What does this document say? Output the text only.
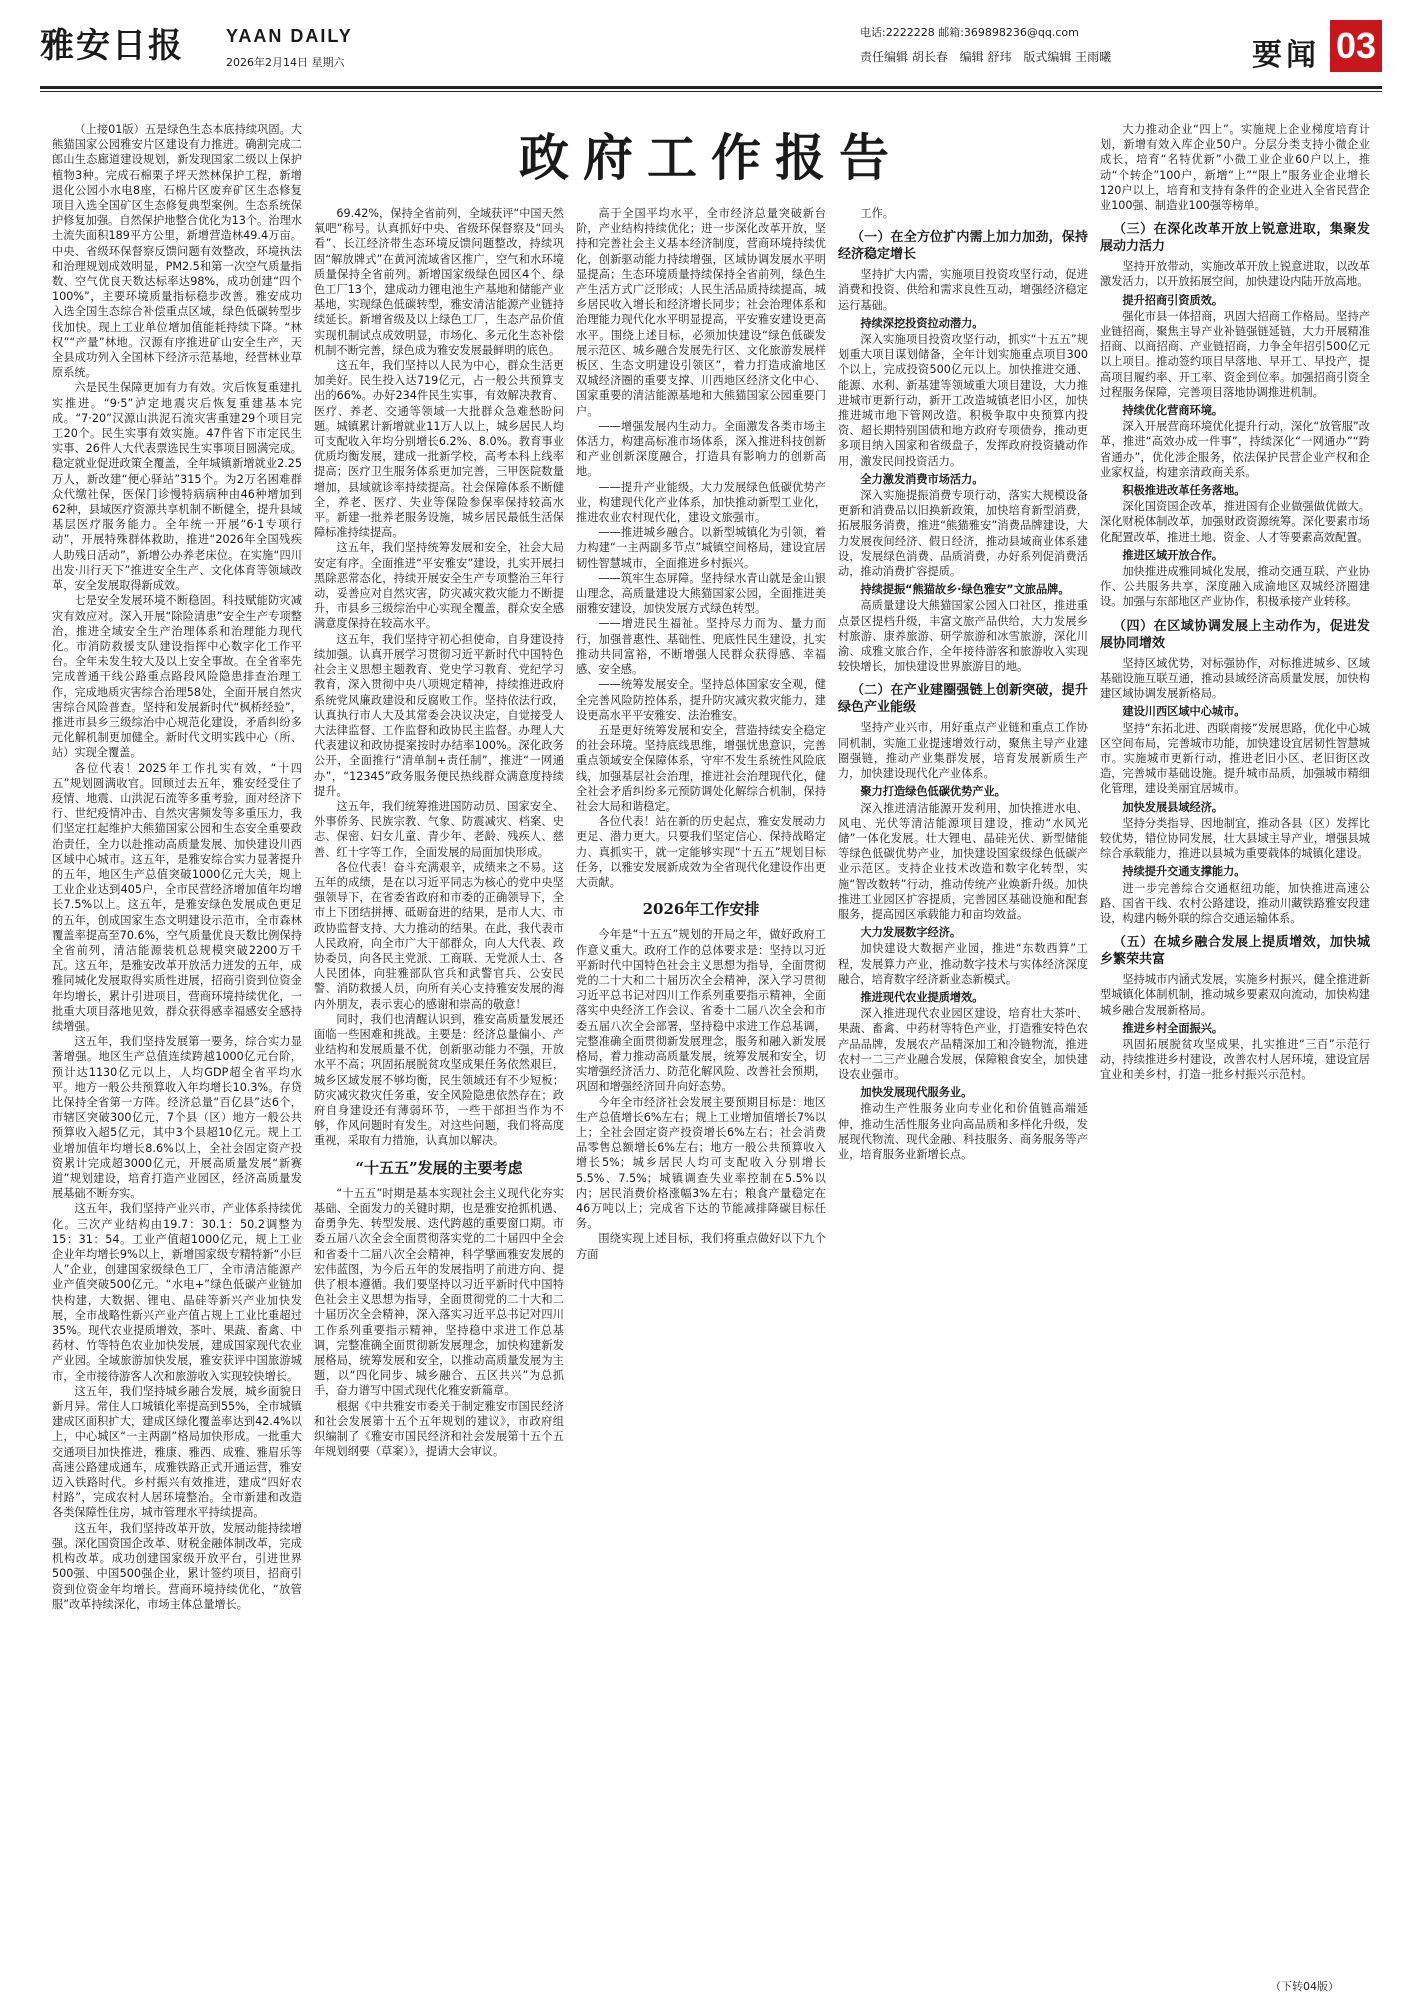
雅安日报 YAAN DAILY
2026年2月14日 星期六
电话:2222228 邮箱:369898236@qq.com
责任编辑 胡长春 编辑 舒玮 版式编辑 王雨曦	要闻 03
政府工作报告

（上接01版）五是绿色生态本底持续巩固。大熊猫国家公园雅安片区建设有力推进。确割完成二郎山生态廊道建设规划，新发现国家二级以上保护植物3种。完成石棉栗子坪天然林保护工程，新增退化公园小水电8座，石棉片区废弃矿区生态修复项目入选全国矿区生态修复典型案例。生态系统保护修复加强。自然保护地整合优化为13个。治理水土流失面积189平方公里，新增营造林49.4万亩。中央、省级环保督察反馈问题有效整改，环境执法和治理规划成效明显，PM2.5和第一次空气质量指数、空气优良天数达标率达98%，成功创建“四个100%”，主要环境质量指标稳步改善。雅安成功入选全国生态综合补偿重点区域，绿色低碳转型步伐加快。现上工业单位增加值能耗持续下降。“林权”“产量”林地。汉源有序推进矿山安全生产，天全县成功列入全国林下经济示范基地，经营林业草原系统。

六是民生保障更加有力有效。灾后恢复重建扎实推进。“9·5”泸定地震灾后恢复重建基本完成。“7·20”汉源山洪泥石流灾害重建29个项目完工20个。民生实事有效实施。47件省下市定民生实事、26件人大代表票选民生实事项目圆满完成。稳定就业促进政策全覆盖，全年城镇新增就业2.25万人，新改建“便心驿站”315个。为2万名困难群众代缴社保，医保门诊慢特病病种由46种增加到62种，县域医疗资源共享机制不断健全，提升县域基层医疗服务能力。全年统一开展“6·1专项行动”，开展特殊群体救助，推进“2026年全国残疾人助残日活动”，新增公办养老床位。在实施“四川出发·川行天下”推进安全生产、文化体育等领域改革，安全发展取得新成效。

七是安全发展环境不断稳固。科技赋能防灾减灾有效应对。深入开展“除险清患”安全生产专项整治，推进全域安全生产治理体系和治理能力现代化。市消防救援支队建设指挥中心数字化工作平台。全年未发生较大及以上安全事故。在全省率先完成普通干线公路重点路段风险隐患排查治理工作，完成地质灾害综合治理58处，全面开展自然灾害综合风险普查。坚持和发展新时代“枫桥经验”，推进市县乡三级综治中心规范化建设，矛盾纠纷多元化解机制更加健全。新时代文明实践中心（所、站）实现全覆盖。

各位代表！2025年工作扎实有效，“十四五”规划圆满收官。回顾过去五年，雅安经受住了疫情、地震、山洪泥石流等多重考验，面对经济下行、世纪疫情冲击、自然灾害频发等多重压力，我们坚定扛起维护大熊猫国家公园和生态安全重要政治责任，全力以赴推动高质量发展、加快建设川西区域中心城市。这五年，是雅安综合实力显著提升的五年，地区生产总值突破1000亿元大关，规上工业企业达到405户，全市民营经济增加值年均增长7.5%以上。这五年，是雅安绿色发展成色更足的五年，创成国家生态文明建设示范市，全市森林覆盖率提高至70.6%，空气质量优良天数比例保持全省前列，清洁能源装机总规模突破2200万千瓦。这五年，是雅安改革开放活力迸发的五年，成雅同城化发展取得实质性进展，招商引资到位资金年均增长，累计引进项目，营商环境持续优化，一批重大项目落地见效，群众获得感幸福感安全感持续增强。

这五年，我们坚持发展第一要务，综合实力显著增强。地区生产总值连续跨越1000亿元台阶，预计达1130亿元以上，人均GDP超全省平均水平。地方一般公共预算收入年均增长10.3%。存贷比保持全省第一方阵。经济总量“百亿县”达6个，市辖区突破300亿元，7个县（区）地方一般公共预算收入超5亿元，其中3个县超10亿元。规上工业增加值年均增长8.6%以上，全社会固定资产投资累计完成超3000亿元，开展高质量发展“新赛道”规划建设，培育打造产业园区，经济高质量发展基础不断夯实。

这五年，我们坚持产业兴市，产业体系持续优化。三次产业结构由19.7：30.1：50.2调整为15：31：54。工业产值超1000亿元，规上工业企业年均增长9%以上，新增国家级专精特新“小巨人”企业，创建国家级绿色工厂，全市清洁能源产业产值突破500亿元。“水电+”绿色低碳产业链加快构建，大数据、锂电、晶硅等新兴产业加快发展，全市战略性新兴产业产值占规上工业比重超过35%。现代农业提质增效，茶叶、果蔬、畜禽、中药材、竹等特色农业加快发展，建成国家现代农业产业园。全域旅游加快发展，雅安获评中国旅游城市，全市接待游客人次和旅游收入实现较快增长。

这五年，我们坚持城乡融合发展，城乡面貌日新月异。常住人口城镇化率提高到55%，全市城镇建成区面积扩大，建成区绿化覆盖率达到42.4%以上，中心城区“一主两副”格局加快形成。一批重大交通项目加快推进，雅康、雅西、成雅、雅眉乐等高速公路建成通车，成雅铁路正式开通运营，雅安迈入铁路时代。乡村振兴有效推进，建成“四好农村路”，完成农村人居环境整治。全市新建和改造各类保障性住房，城市管理水平持续提高。

这五年，我们坚持改革开放，发展动能持续增强。深化国资国企改革、财税金融体制改革，完成机构改革。成功创建国家级开放平台，引进世界500强、中国500强企业，累计签约项目，招商引资到位资金年均增长。营商环境持续优化，“放管服”改革持续深化，市场主体总量增长。

69.42%，保持全省前列，全域获评“中国天然氧吧”称号。认真抓好中央、省级环保督察及“回头看”、长江经济带生态环境反馈问题整改，持续巩固“解放牌式”在黄河流域省区推广，空气和水环境质量保持全省前列。新增国家级绿色园区4个、绿色工厂13个，建成动力锂电池生产基地和储能产业基地，实现绿色低碳转型，雅安清洁能源产业链持续延长。新增省级及以上绿色工厂，生态产品价值实现机制试点成效明显，市场化、多元化生态补偿机制不断完善，绿色成为雅安发展最鲜明的底色。

这五年，我们坚持以人民为中心，群众生活更加美好。民生投入达719亿元，占一般公共预算支出的66%。办好234件民生实事，有效解决教育、医疗、养老、交通等领域一大批群众急难愁盼问题。城镇累计新增就业11万人以上，城乡居民人均可支配收入年均分别增长6.2%、8.0%。教育事业优质均衡发展，建成一批新学校，高考本科上线率提高；医疗卫生服务体系更加完善，三甲医院数量增加，县域就诊率持续提高。社会保障体系不断健全，养老、医疗、失业等保险参保率保持较高水平。新建一批养老服务设施，城乡居民最低生活保障标准持续提高。

这五年，我们坚持统筹发展和安全，社会大局安定有序。全面推进“平安雅安”建设，扎实开展扫黑除恶常态化，持续开展安全生产专项整治三年行动，妥善应对自然灾害，防灾减灾救灾能力不断提升，市县乡三级综治中心实现全覆盖，群众安全感满意度保持在较高水平。

这五年，我们坚持守初心担使命，自身建设持续加强。认真开展学习贯彻习近平新时代中国特色社会主义思想主题教育、党史学习教育、党纪学习教育，深入贯彻中央八项规定精神，持续推进政府系统党风廉政建设和反腐败工作。坚持依法行政，认真执行市人大及其常委会决议决定，自觉接受人大法律监督、工作监督和政协民主监督。办理人大代表建议和政协提案按时办结率100%。深化政务公开，全面推行“清单制+责任制”，推进“一网通办”，“12345”政务服务便民热线群众满意度持续提升。

这五年，我们统筹推进国防动员、国家安全、外事侨务、民族宗教、气象、防震减灾、档案、史志、保密、妇女儿童、青少年、老龄、残疾人、慈善、红十字等工作，全面发展的局面加快形成。

各位代表！奋斗充满艰辛，成绩来之不易。这五年的成绩，是在以习近平同志为核心的党中央坚强领导下，在省委省政府和市委的正确领导下，全市上下团结拼搏、砥砺奋进的结果，是市人大、市政协监督支持、大力推动的结果。在此，我代表市人民政府，向全市广大干部群众，向人大代表、政协委员，向各民主党派、工商联、无党派人士、各人民团体，向驻雅部队官兵和武警官兵、公安民警、消防救援人员，向所有关心支持雅安发展的海内外朋友，表示衷心的感谢和崇高的敬意！

同时，我们也清醒认识到，雅安高质量发展还面临一些困难和挑战。主要是：经济总量偏小、产业结构和发展质量不优，创新驱动能力不强，开放水平不高；巩固拓展脱贫攻坚成果任务依然艰巨，城乡区域发展不够均衡，民生领域还有不少短板；防灾减灾救灾任务重，安全风险隐患依然存在；政府自身建设还有薄弱环节，一些干部担当作为不够，作风问题时有发生。对这些问题，我们将高度重视，采取有力措施，认真加以解决。

“十五五”发展的主要考虑

“十五五”时期是基本实现社会主义现代化夯实基础、全面发力的关键时期，也是雅安抢抓机遇、奋勇争先、转型发展、迭代跨越的重要窗口期。市委五届八次全会全面贯彻落实党的二十届四中全会和省委十二届八次全会精神，科学擘画雅安发展的宏伟蓝图，为今后五年的发展指明了前进方向、提供了根本遵循。我们要坚持以习近平新时代中国特色社会主义思想为指导，全面贯彻党的二十大和二十届历次全会精神，深入落实习近平总书记对四川工作系列重要指示精神，坚持稳中求进工作总基调，完整准确全面贯彻新发展理念，加快构建新发展格局，统筹发展和安全，以推动高质量发展为主题，以“四化同步、城乡融合、五区共兴”为总抓手，奋力谱写中国式现代化雅安新篇章。

根据《中共雅安市委关于制定雅安市国民经济和社会发展第十五个五年规划的建议》，市政府组织编制了《雅安市国民经济和社会发展第十五个五年规划纲要（草案）》，提请大会审议。

高于全国平均水平，全市经济总量突破新台阶，产业结构持续优化；进一步深化改革开放，坚持和完善社会主义基本经济制度，营商环境持续优化，创新驱动能力持续增强，区域协调发展水平明显提高；生态环境质量持续保持全省前列，绿色生产生活方式广泛形成；人民生活品质持续提高，城乡居民收入增长和经济增长同步；社会治理体系和治理能力现代化水平明显提高，平安雅安建设更高水平。围绕上述目标，必须加快建设“绿色低碳发展示范区、城乡融合发展先行区、文化旅游发展样板区、生态文明建设引领区”，着力打造成渝地区双城经济圈的重要支撑、川西地区经济文化中心、国家重要的清洁能源基地和大熊猫国家公园重要门户。

——增强发展内生动力。全面激发各类市场主体活力，构建高标准市场体系，深入推进科技创新和产业创新深度融合，打造具有影响力的创新高地。

——提升产业能级。大力发展绿色低碳优势产业，构建现代化产业体系，加快推动新型工业化，推进农业农村现代化，建设文旅强市。

——推进城乡融合。以新型城镇化为引领，着力构建“一主两副多节点”城镇空间格局，建设宜居韧性智慧城市，全面推进乡村振兴。

——筑牢生态屏障。坚持绿水青山就是金山银山理念，高质量建设大熊猫国家公园，全面推进美丽雅安建设，加快发展方式绿色转型。

——增进民生福祉。坚持尽力而为、量力而行，加强普惠性、基础性、兜底性民生建设，扎实推动共同富裕，不断增强人民群众获得感、幸福感、安全感。

——统筹发展安全。坚持总体国家安全观，健全完善风险防控体系，提升防灾减灾救灾能力，建设更高水平平安雅安、法治雅安。

五是更好统筹发展和安全，营造持续安全稳定的社会环境。坚持底线思维，增强忧患意识，完善重点领域安全保障体系，守牢不发生系统性风险底线，加强基层社会治理，推进社会治理现代化，健全社会矛盾纠纷多元预防调处化解综合机制，保持社会大局和谐稳定。

各位代表！站在新的历史起点，雅安发展动力更足、潜力更大。只要我们坚定信心、保持战略定力、真抓实干，就一定能够实现“十五五”规划目标任务，以雅安发展新成效为全省现代化建设作出更大贡献。

2026年工作安排

今年是“十五五”规划的开局之年，做好政府工作意义重大。政府工作的总体要求是：坚持以习近平新时代中国特色社会主义思想为指导，全面贯彻党的二十大和二十届历次全会精神，深入学习贯彻习近平总书记对四川工作系列重要指示精神，全面落实中央经济工作会议、省委十二届八次全会和市委五届八次全会部署，坚持稳中求进工作总基调，完整准确全面贯彻新发展理念，服务和融入新发展格局，着力推动高质量发展，统筹发展和安全，切实增强经济活力、防范化解风险、改善社会预期，巩固和增强经济回升向好态势。

今年全市经济社会发展主要预期目标是：地区生产总值增长6%左右；规上工业增加值增长7%以上；全社会固定资产投资增长6%左右；社会消费品零售总额增长6%左右；地方一般公共预算收入增长5%；城乡居民人均可支配收入分别增长5.5%、7.5%；城镇调查失业率控制在5.5%以内；居民消费价格涨幅3%左右；粮食产量稳定在46万吨以上；完成省下达的节能减排降碳目标任务。

围绕实现上述目标，我们将重点做好以下九个方面

工作。

（一）在全方位扩内需上加力加劲，保持经济稳定增长

坚持扩大内需，实施项目投资攻坚行动，促进消费和投资、供给和需求良性互动，增强经济稳定运行基础。

持续深挖投资拉动潜力。

深入实施项目投资攻坚行动，抓实“十五五”规划重大项目谋划储备，全年计划实施重点项目300个以上，完成投资500亿元以上。加快推进交通、能源、水利、新基建等领域重大项目建设，大力推进城市更新行动，新开工改造城镇老旧小区，加快推进城市地下管网改造。积极争取中央预算内投资、超长期特别国债和地方政府专项债券，推动更多项目纳入国家和省级盘子，发挥政府投资撬动作用，激发民间投资活力。

全力激发消费市场活力。

深入实施提振消费专项行动，落实大规模设备更新和消费品以旧换新政策，加快培育新型消费，拓展服务消费，推进“熊猫雅安”消费品牌建设，大力发展夜间经济、假日经济，推动县域商业体系建设，发展绿色消费、品质消费，办好系列促消费活动，推动消费扩容提质。

持续提振“熊猫故乡·绿色雅安”文旅品牌。

高质量建设大熊猫国家公园入口社区，推进重点景区提档升级，丰富文旅产品供给，大力发展乡村旅游、康养旅游、研学旅游和冰雪旅游，深化川渝、成雅文旅合作，全年接待游客和旅游收入实现较快增长，加快建设世界旅游目的地。

（二）在产业建圈强链上创新突破，提升绿色产业能级

坚持产业兴市，用好重点产业链和重点工作协同机制，实施工业提速增效行动，聚焦主导产业建圈强链，推动产业集群发展，培育发展新质生产力，加快建设现代化产业体系。

聚力打造绿色低碳优势产业。

深入推进清洁能源开发利用，加快推进水电、风电、光伏等清洁能源项目建设，推动“水风光储”一体化发展。壮大锂电、晶硅光伏、新型储能等绿色低碳优势产业，加快建设国家级绿色低碳产业示范区。支持企业技术改造和数字化转型，实施“智改数转”行动，推动传统产业焕新升级。加快推进工业园区扩容提质，完善园区基础设施和配套服务，提高园区承载能力和亩均效益。

大力发展数字经济。

加快建设大数据产业园，推进“东数西算”工程，发展算力产业，推动数字技术与实体经济深度融合，培育数字经济新业态新模式。

推进现代农业提质增效。

深入推进现代农业园区建设，培育壮大茶叶、果蔬、畜禽、中药材等特色产业，打造雅安特色农产品品牌，发展农产品精深加工和冷链物流，推进农村一二三产业融合发展，保障粮食安全，加快建设农业强市。

加快发展现代服务业。

推动生产性服务业向专业化和价值链高端延伸，推动生活性服务业向高品质和多样化升级，发展现代物流、现代金融、科技服务、商务服务等产业，培育服务业新增长点。

大力推动企业“四上”。实施规上企业梯度培育计划，新增有效入库企业50户。分层分类支持小微企业成长，培育“名特优新”小微工业企业60户以上，推动“个转企”100户，新增“上”“限上”服务业企业增长120户以上，培育和支持有条件的企业进入全省民营企业100强、制造业100强等榜单。

（三）在深化改革开放上锐意进取，集聚发展动力活力

坚持开放带动，实施改革开放上锐意进取，以改革激发活力，以开放拓展空间，加快建设内陆开放高地。

提升招商引资质效。

强化市县一体招商，巩固大招商工作格局。坚持产业链招商，聚焦主导产业补链强链延链，大力开展精准招商、以商招商、产业链招商，力争全年招引500亿元以上项目。推动签约项目早落地、早开工、早投产，提高项目履约率、开工率、资金到位率。加强招商引资全过程服务保障，完善项目落地协调推进机制。

持续优化营商环境。

深入开展营商环境优化提升行动，深化“放管服”改革，推进“高效办成一件事”，持续深化“一网通办”“跨省通办”，优化涉企服务，依法保护民营企业产权和企业家权益，构建亲清政商关系。

积极推进改革任务落地。

深化国资国企改革，推进国有企业做强做优做大。深化财税体制改革，加强财政资源统筹。深化要素市场化配置改革，推进土地、资金、人才等要素高效配置。

推进区域开放合作。

加快推进成雅同城化发展，推动交通互联、产业协作、公共服务共享，深度融入成渝地区双城经济圈建设。加强与东部地区产业协作，积极承接产业转移。

（四）在区域协调发展上主动作为，促进发展协同增效

坚持区域优势，对标强协作，对标推进城乡、区域基础设施互联互通，推动县域经济高质量发展，加快构建区域协调发展新格局。

建设川西区域中心城市。

坚持“东拓北进、西联南接”发展思路，优化中心城区空间布局，完善城市功能，加快建设宜居韧性智慧城市。实施城市更新行动，推进老旧小区、老旧街区改造，完善城市基础设施。提升城市品质，加强城市精细化管理，建设美丽宜居城市。

加快发展县域经济。

坚持分类指导、因地制宜，推动各县（区）发挥比较优势，错位协同发展，壮大县域主导产业，增强县城综合承载能力，推进以县城为重要载体的城镇化建设。

持续提升交通支撑能力。

进一步完善综合交通枢纽功能，加快推进高速公路、国省干线、农村公路建设，推动川藏铁路雅安段建设，构建内畅外联的综合交通运输体系。

（五）在城乡融合发展上提质增效，加快城乡繁荣共富

坚持城市内涵式发展，实施乡村振兴，健全推进新型城镇化体制机制，推动城乡要素双向流动，加快构建城乡融合发展新格局。

推进乡村全面振兴。

巩固拓展脱贫攻坚成果，扎实推进“三百”示范行动，持续推进乡村建设，改善农村人居环境，建设宜居宜业和美乡村，打造一批乡村振兴示范村。

（下转04版）
